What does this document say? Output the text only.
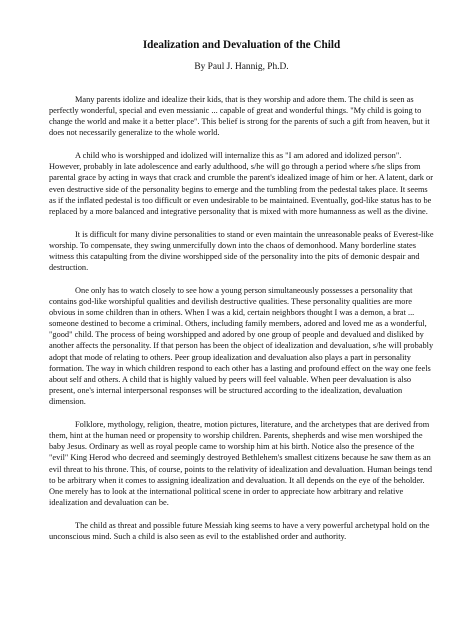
Idealization and Devaluation of the Child
By Paul J. Hannig, Ph.D.

Many parents idolize and idealize their kids, that is they worship and adore them. The child is seen as perfectly wonderful, special and even messianic ... capable of great and wonderful things. "My child is going to change the world and make it a better place". This belief is strong for the parents of such a gift from heaven, but it does not necessarily generalize to the whole world.

A child who is worshipped and idolized will internalize this as "I am adored and idolized person". However, probably in late adolescence and early adulthood, s/he will go through a period where s/he slips from parental grace by acting in ways that crack and crumble the parent's idealized image of him or her. A latent, dark or even destructive side of the personality begins to emerge and the tumbling from the pedestal takes place. It seems as if the inflated pedestal is too difficult or even undesirable to be maintained. Eventually, god-like status has to be replaced by a more balanced and integrative personality that is mixed with more humanness as well as the divine.

It is difficult for many divine personalities to stand or even maintain the unreasonable peaks of Everest-like worship. To compensate, they swing unmercifully down into the chaos of demonhood. Many borderline states witness this catapulting from the divine worshipped side of the personality into the pits of demonic despair and destruction.

One only has to watch closely to see how a young person simultaneously possesses a personality that contains god-like worshipful qualities and devilish destructive qualities. These personality qualities are more obvious in some children than in others. When I was a kid, certain neighbors thought I was a demon, a brat ... someone destined to become a criminal. Others, including family members, adored and loved me as a wonderful, "good" child. The process of being worshipped and adored by one group of people and devalued and disliked by another affects the personality. If that person has been the object of idealization and devaluation, s/he will probably adopt that mode of relating to others. Peer group idealization and devaluation also plays a part in personality formation. The way in which children respond to each other has a lasting and profound effect on the way one feels about self and others. A child that is highly valued by peers will feel valuable. When peer devaluation is also present, one's internal interpersonal responses will be structured according to the idealization, devaluation dimension.

Folklore, mythology, religion, theatre, motion pictures, literature, and the archetypes that are derived from them, hint at the human need or propensity to worship children. Parents, shepherds and wise men worshiped the baby Jesus. Ordinary as well as royal people came to worship him at his birth. Notice also the presence of the "evil" King Herod who decreed and seemingly destroyed Bethlehem's smallest citizens because he saw them as an evil threat to his throne. This, of course, points to the relativity of idealization and devaluation. Human beings tend to be arbitrary when it comes to assigning idealization and devaluation. It all depends on the eye of the beholder. One merely has to look at the international political scene in order to appreciate how arbitrary and relative idealization and devaluation can be.

The child as threat and possible future Messiah king seems to have a very powerful archetypal hold on the unconscious mind. Such a child is also seen as evil to the established order and authority.
